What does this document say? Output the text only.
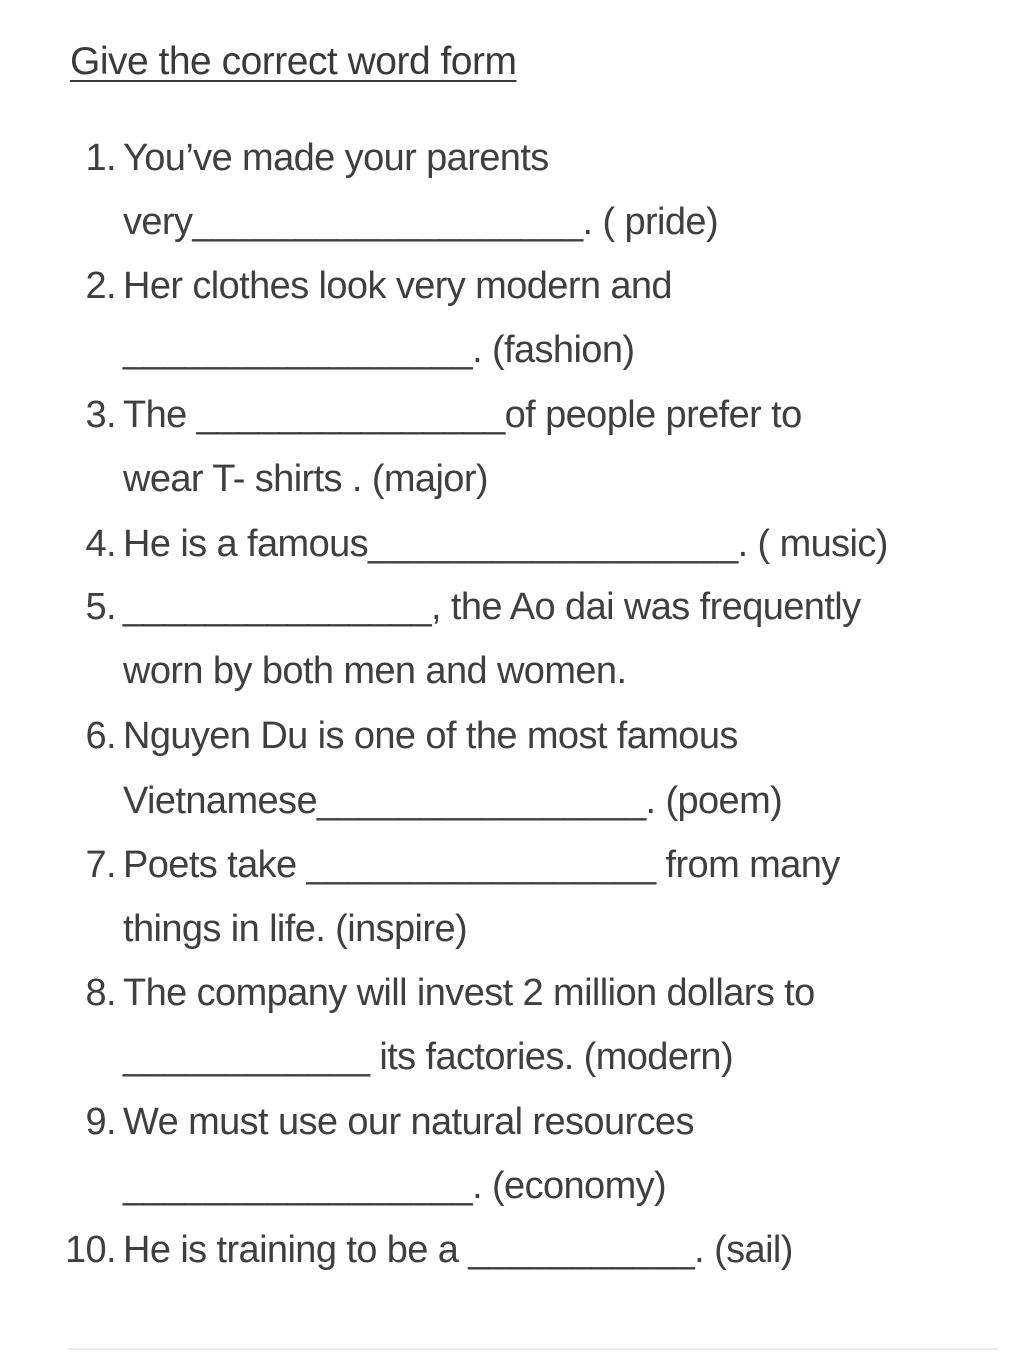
Give the correct word form
1. You’ve made your parents
very___________________. ( pride)
2. Her clothes look very modern and
_________________. (fashion)
3. The _______________of people prefer to
wear T- shirts . (major)
4. He is a famous__________________. ( music)
5. _______________, the Ao dai was frequently
worn by both men and women.
6. Nguyen Du is one of the most famous
Vietnamese________________. (poem)
7. Poets take _________________ from many
things in life. (inspire)
8. The company will invest 2 million dollars to
____________ its factories. (modern)
9. We must use our natural resources
_________________. (economy)
10. He is training to be a ___________. (sail)
